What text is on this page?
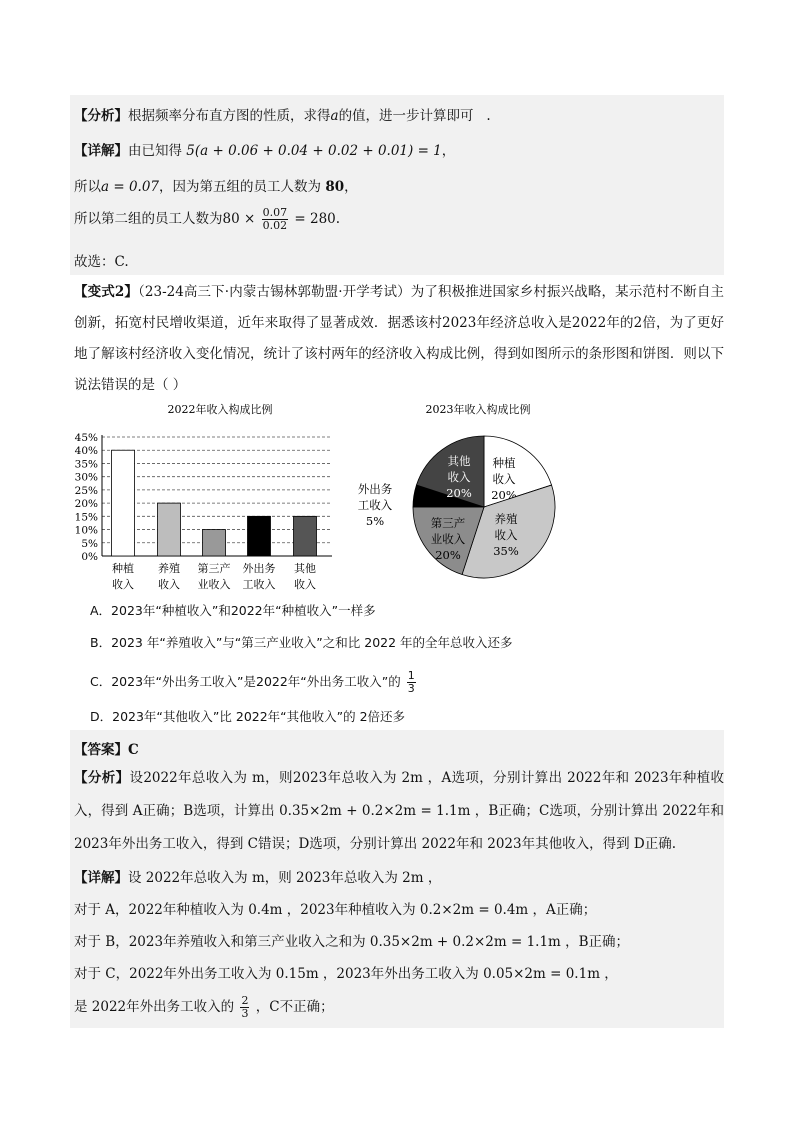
【分析】根据频率分布直方图的性质，求得a的值，进一步计算即可   .
【详解】由已知得 5(a + 0.06 + 0.04 + 0.02 + 0.01) = 1，
所以a = 0.07，因为第五组的员工人数为 80，
所以第二组的员工人数为$80 \times \frac{0.07}{0.02} = 280$.
故选：C.
【变式2】（23-24高三下·内蒙古锡林郭勒盟·开学考试）为了积极推进国家乡村振兴战略，某示范村不断自主创新，拓宽村民增收渠道，近年来取得了显著成效．据悉该村2023年经济总收入是2022年的2倍，为了更好地了解该村经济收入变化情况，统计了该村两年的经济收入构成比例，得到如图所示的条形图和饼图．则以下说法错误的是（ ）
2022年收入构成比例
0%
5%
10%
15%
20%
25%
30%
35%
40%
45%
种植
收入
养殖
收入
第三产
业收入
外出务
工收入
其他
收入
2023年收入构成比例
种植
收入
20%
养殖
收入
35%
第三产
业收入
20%
外出务
工收入
5%
其他
收入
20%
A．2023年“种植收入”和2022年“种植收入”一样多
B．2023 年“养殖收入”与“第三产业收入”之和比 2022 年的全年总收入还多
C．2023年“外出务工收入”是2022年“外出务工收入”的 $\frac{1}{3}$
D．2023年“其他收入”比 2022年“其他收入”的 2倍还多
【答案】C
【分析】设2022年总收入为 m，则2023年总收入为 2m ，A选项，分别计算出 2022年和 2023年种植收入，得到 A正确；B选项，计算出 0.35×2m + 0.2×2m = 1.1m ，B正确；C选项，分别计算出 2022年和 2023年外出务工收入，得到 C错误；D选项，分别计算出 2022年和 2023年其他收入，得到 D正确.
【详解】设 2022年总收入为 m，则 2023年总收入为 2m ，
对于 A，2022年种植收入为 0.4m ，2023年种植收入为 0.2×2m = 0.4m ，A正确；
对于 B，2023年养殖收入和第三产业收入之和为 0.35×2m + 0.2×2m = 1.1m ，B正确；
对于 C，2022年外出务工收入为 0.15m ，2023年外出务工收入为 0.05×2m = 0.1m ，
是 2022年外出务工收入的 $\frac{2}{3}$ ，C不正确；
